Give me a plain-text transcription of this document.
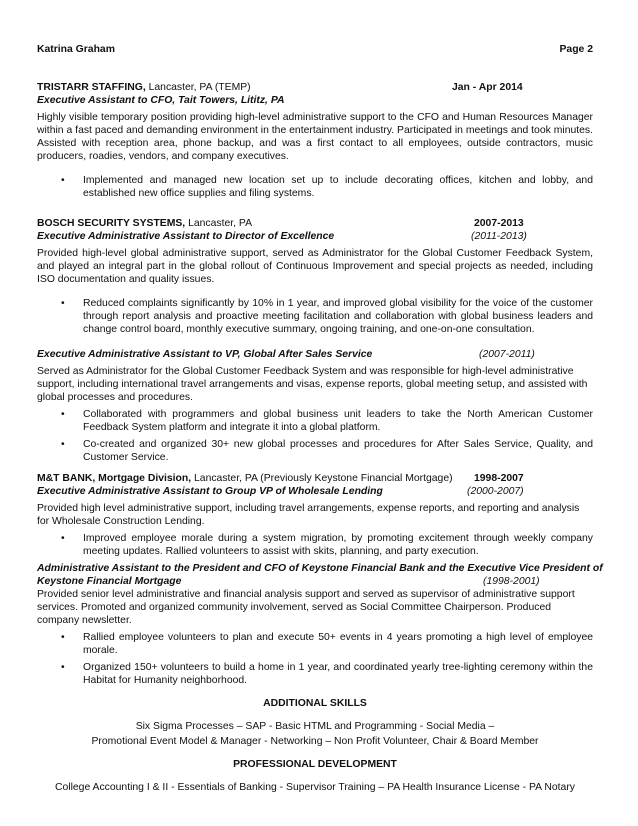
Katrina Graham	Page 2
TRISTARR STAFFING, Lancaster, PA (TEMP)	Jan - Apr 2014
Executive Assistant to CFO, Tait Towers, Lititz, PA

Highly visible temporary position providing high-level administrative support to the CFO and Human Resources Manager within a fast paced and demanding environment in the entertainment industry. Participated in meetings and took minutes. Assisted with reception area, phone backup, and was a first contact to all employees, outside contractors, music producers, roadies, vendors, and company executives.

• Implemented and managed new location set up to include decorating offices, kitchen and lobby, and established new office supplies and filing systems.
BOSCH SECURITY SYSTEMS, Lancaster, PA	2007-2013
Executive Administrative Assistant to Director of Excellence	(2011-2013)

Provided high-level global administrative support, served as Administrator for the Global Customer Feedback System, and played an integral part in the global rollout of Continuous Improvement and special projects as needed, including ISO documentation and quality issues.

• Reduced complaints significantly by 10% in 1 year, and improved global visibility for the voice of the customer through report analysis and proactive meeting facilitation and collaboration with global business leaders and change control board, monthly executive summary, ongoing training, and one-on-one consultation.
Executive Administrative Assistant to VP, Global After Sales Service	(2007-2011)

Served as Administrator for the Global Customer Feedback System and was responsible for high-level administrative support, including international travel arrangements and visas, expense reports, global meeting setup, and assisted with global processes and procedures.

• Collaborated with programmers and global business unit leaders to take the North American Customer Feedback System platform and integrate it into a global platform.
• Co-created and organized 30+ new global processes and procedures for After Sales Service, Quality, and Customer Service.
M&T BANK, Mortgage Division, Lancaster, PA (Previously Keystone Financial Mortgage) 1998-2007
Executive Administrative Assistant to Group VP of Wholesale Lending	(2000-2007)

Provided high level administrative support, including travel arrangements, expense reports, and reporting and analysis for Wholesale Construction Lending.

• Improved employee morale during a system migration, by promoting excitement through weekly company meeting updates. Rallied volunteers to assist with skits, planning, and party execution.
Administrative Assistant to the President and CFO of Keystone Financial Bank and the Executive Vice President of
Keystone Financial Mortgage	(1998-2001)

Provided senior level administrative and financial analysis support and served as supervisor of administrative support services. Promoted and organized community involvement, served as Social Committee Chairperson. Produced company newsletter.

• Rallied employee volunteers to plan and execute 50+ events in 4 years promoting a high level of employee morale.
• Organized 150+ volunteers to build a home in 1 year, and coordinated yearly tree-lighting ceremony within the Habitat for Humanity neighborhood.
ADDITIONAL SKILLS
Six Sigma Processes – SAP - Basic HTML and Programming - Social Media –
Promotional Event Model & Manager - Networking – Non Profit Volunteer, Chair & Board Member
PROFESSIONAL DEVELOPMENT
College Accounting I & II - Essentials of Banking - Supervisor Training – PA Health Insurance License - PA Notary
